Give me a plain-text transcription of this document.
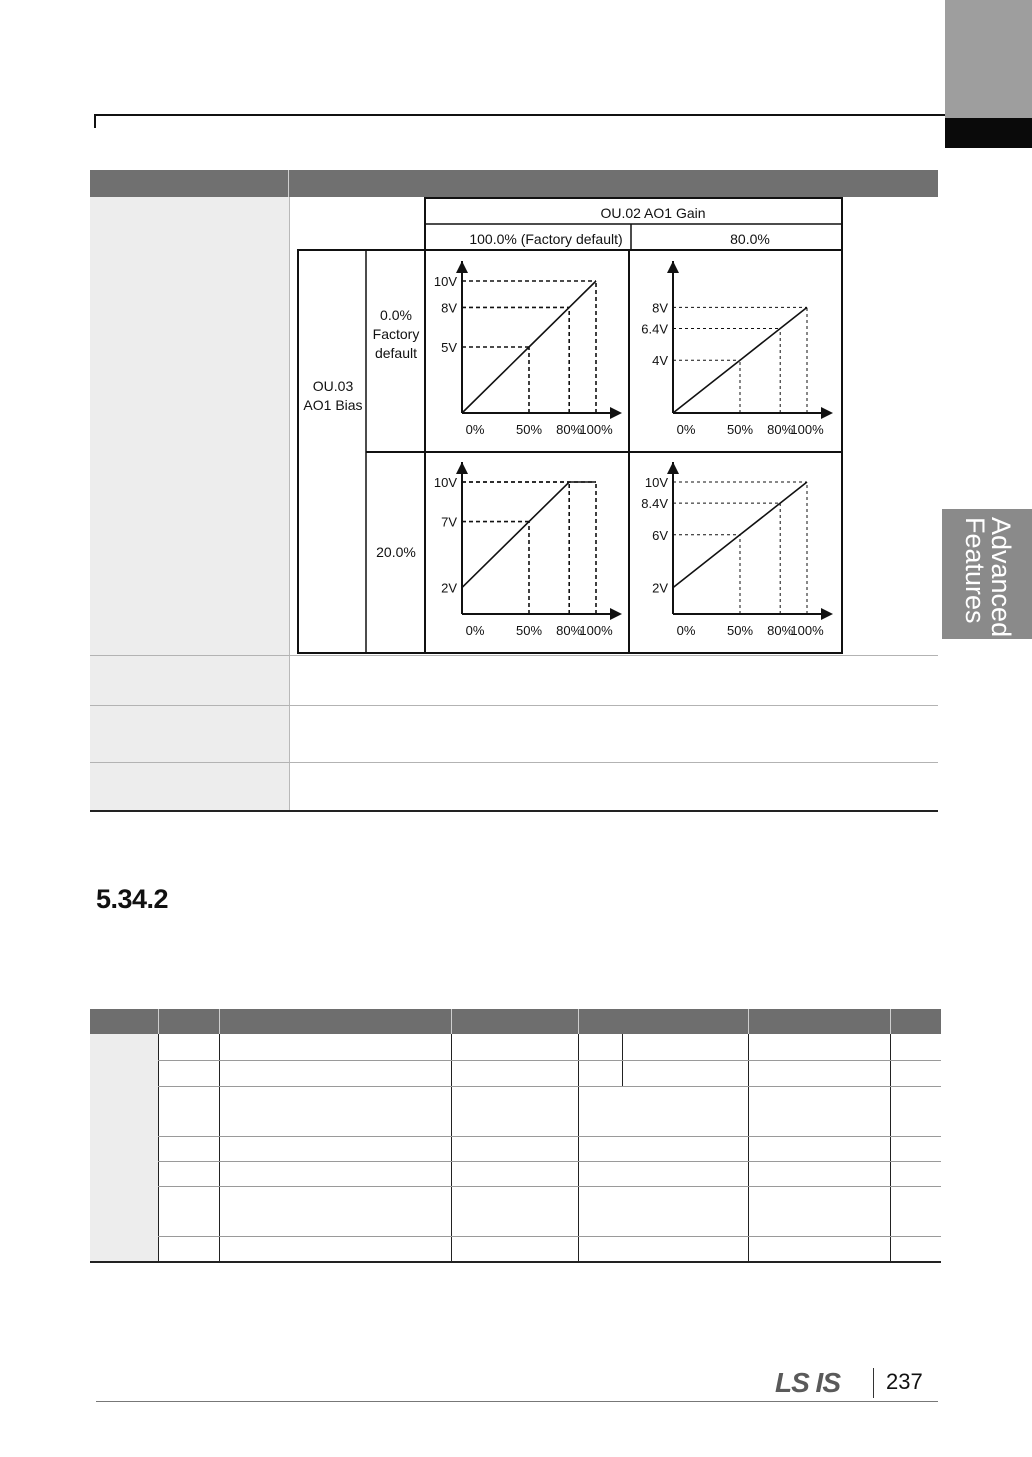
Advanced
Features
OU.02 AO1 Gain
100.0% (Factory default)	80.0%
OU.03
AO1 Bias
0.0%
Factory
default
20.0%
10V
8V
5V
0% 50% 80%
100%
8V
6.4V
4V
0% 50% 80%
100%
10V
7V
2V
0% 50% 80%
100%
10V
8.4V
6V
2V
0% 50% 80%
100%
5.34.2
LS IS 237
